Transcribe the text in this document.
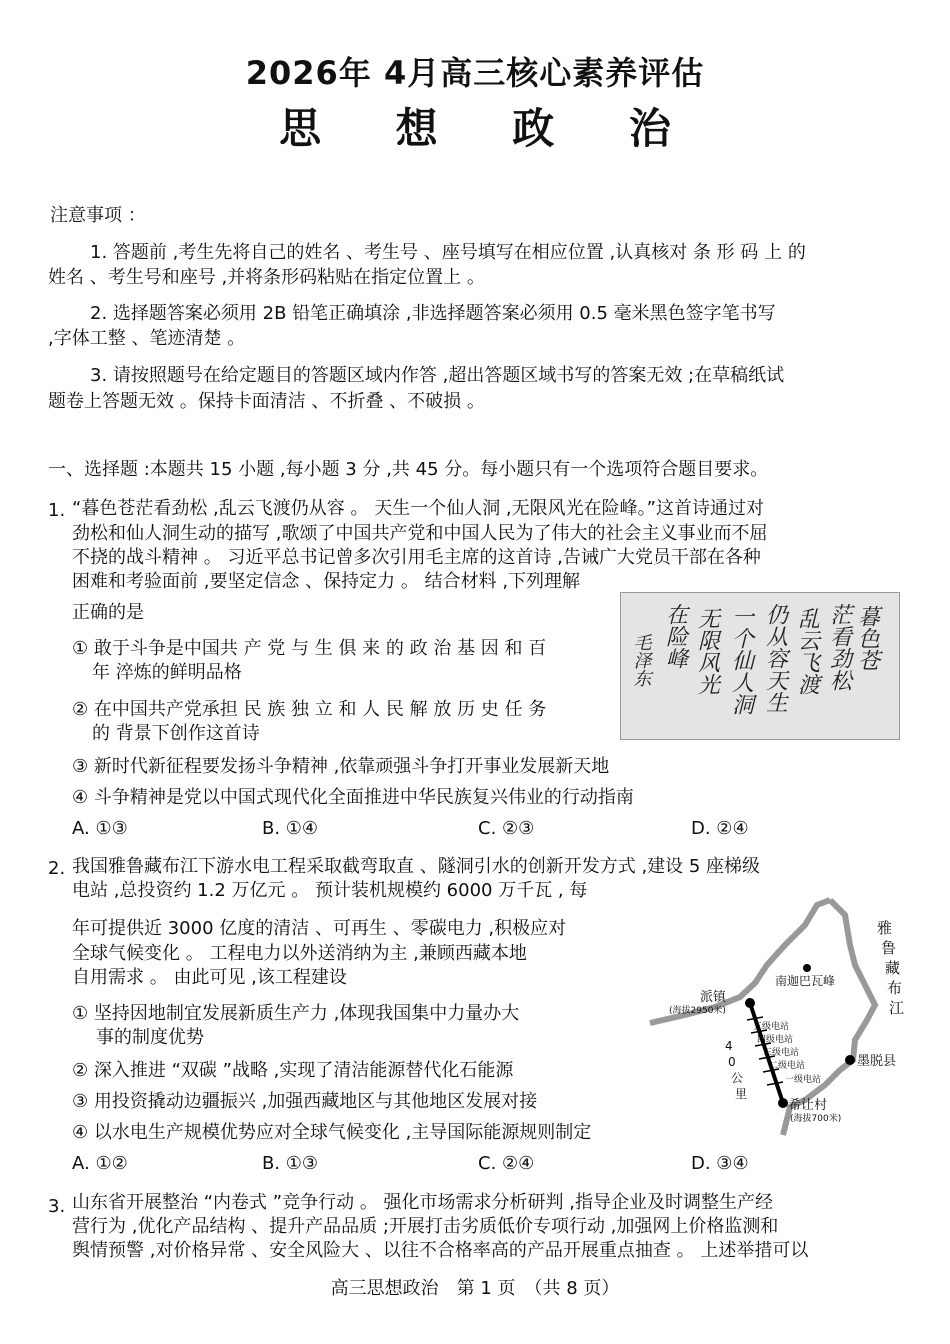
2026年 4月高三核心素养评估
思 想 政 治
注意事项 ：
1. 答题前 ,考生先将自己的姓名 、考生号 、座号填写在相应位置 ,认真核对 条 形 码 上 的
姓名 、考生号和座号 ,并将条形码粘贴在指定位置上 。
2. 选择题答案必须用 2B 铅笔正确填涂 ,非选择题答案必须用 0.5 毫米黑色签字笔书写
,字体工整 、笔迹清楚 。
3. 请按照题号在给定题目的答题区域内作答 ,超出答题区域书写的答案无效 ;在草稿纸试
题卷上答题无效 。保持卡面清洁 、不折叠 、不破损 。
一、选择题 :本题共 15 小题 ,每小题 3 分 ,共 45 分。每小题只有一个选项符合题目要求。
1. “暮色苍茫看劲松 ,乱云飞渡仍从容 。 天生一个仙人洞 ,无限风光在险峰。”这首诗通过对
劲松和仙人洞生动的描写 ,歌颂了中国共产党和中国人民为了伟大的社会主义事业而不屈
不挠的战斗精神 。 习近平总书记曾多次引用毛主席的这首诗 ,告诫广大党员干部在各种
困难和考验面前 ,要坚定信念 、保持定力 。 结合材料 ,下列理解
正确的是
① 敢于斗争是中国共 产 党 与 生 俱 来 的 政 治 基 因 和 百
年 淬炼的鲜明品格
② 在中国共产党承担 民 族 独 立 和 人 民 解 放 历 史 任 务
的 背景下创作这首诗
③ 新时代新征程要发扬斗争精神 ,依靠顽强斗争打开事业发展新天地
④ 斗争精神是党以中国式现代化全面推进中华民族复兴伟业的行动指南
A. ①③	B. ①④	C. ②③	D. ②④
暮色苍
茫看劲松
乱云飞渡
仍从容天生
一个仙人洞
无限风光
在险峰
毛泽东
2. 我国雅鲁藏布江下游水电工程采取截弯取直 、隧洞引水的创新开发方式 ,建设 5 座梯级
电站 ,总投资约 1.2 万亿元 。 预计装机规模约 6000 万千瓦 , 每
年可提供近 3000 亿度的清洁 、可再生 、零碳电力 ,积极应对
全球气候变化 。 工程电力以外送消纳为主 ,兼顾西藏本地
自用需求 。 由此可见 ,该工程建设
① 坚持因地制宜发展新质生产力 ,体现我国集中力量办大
事的制度优势
② 深入推进 “双碳 ”战略 ,实现了清洁能源替代化石能源
③ 用投资撬动边疆振兴 ,加强西藏地区与其他地区发展对接
④ 以水电生产规模优势应对全球气候变化 ,主导国际能源规则制定
A. ①②	B. ①③	C. ②④	D. ③④
雅
鲁
藏
布
江
南迦巴瓦峰
派镇
(海拔2950米)
五级电站
四级电站
三级电站
二级电站
一级电站
4
0
公
里
墨脱县
希让村
(海拔700米)
3. 山东省开展整治 “内卷式 ”竞争行动 。 强化市场需求分析研判 ,指导企业及时调整生产经
营行为 ,优化产品结构 、提升产品品质 ;开展打击劣质低价专项行动 ,加强网上价格监测和
舆情预警 ,对价格异常 、安全风险大 、以往不合格率高的产品开展重点抽查 。 上述举措可以
高三思想政治　第 1 页　（共 8 页）
